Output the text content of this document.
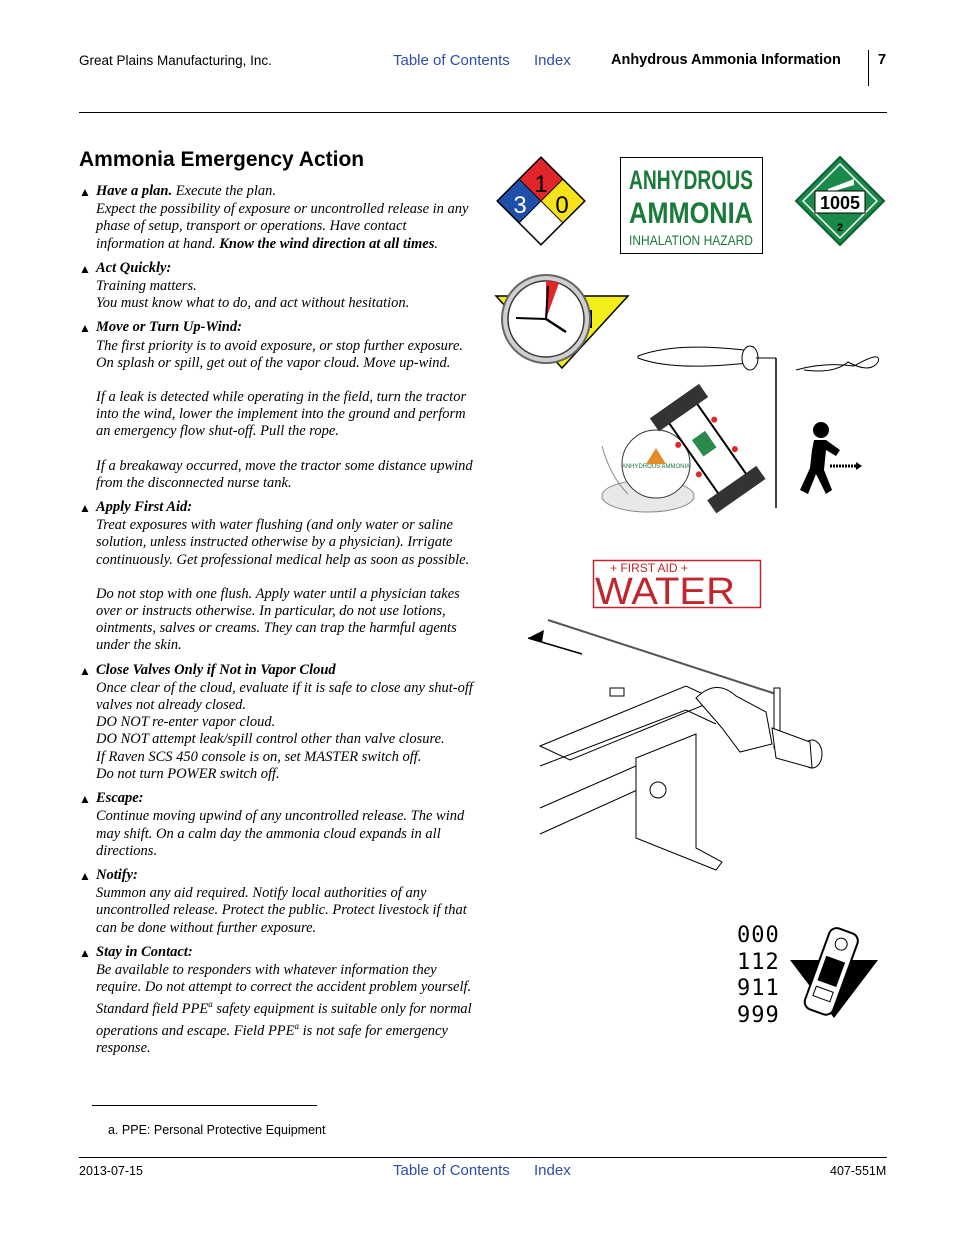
Great Plains Manufacturing, Inc.	Table of Contents Index	Anhydrous Ammonia Information	7
Ammonia Emergency Action
▲ Have a plan. Execute the plan.
Expect the possibility of exposure or uncontrolled release in any phase of setup, transport or operations. Have contact information at hand. Know the wind direction at all times.
▲ Act Quickly:
Training matters.
You must know what to do, and act without hesitation.
▲ Move or Turn Up-Wind:
The first priority is to avoid exposure, or stop further exposure. On splash or spill, get out of the vapor cloud. Move up-wind.
If a leak is detected while operating in the field, turn the tractor into the wind, lower the implement into the ground and perform an emergency flow shut-off. Pull the rope.
If a breakaway occurred, move the tractor some distance upwind from the disconnected nurse tank.
▲ Apply First Aid:
Treat exposures with water flushing (and only water or saline solution, unless instructed otherwise by a physician). Irrigate continuously. Get professional medical help as soon as possible.
Do not stop with one flush. Apply water until a physician takes over or instructs otherwise. In particular, do not use lotions, ointments, salves or creams. They can trap the harmful agents under the skin.
▲ Close Valves Only if Not in Vapor Cloud
Once clear of the cloud, evaluate if it is safe to close any shut-off valves not already closed.
DO NOT re-enter vapor cloud.
DO NOT attempt leak/spill control other than valve closure.
If Raven SCS 450 console is on, set MASTER switch off.
Do not turn POWER switch off.
▲ Escape:
Continue moving upwind of any uncontrolled release. The wind may shift. On a calm day the ammonia cloud expands in all directions.
▲ Notify:
Summon any aid required. Notify local authorities of any uncontrolled release. Protect the public. Protect livestock if that can be done without further exposure.
▲ Stay in Contact:
Be available to responders with whatever information they require. Do not attempt to correct the accident problem yourself. Standard field PPE$^a$ safety equipment is suitable only for normal operations and escape. Field PPE$^a$ is not safe for emergency response.
1
3 0
ANHYDROUS
AMMONIA
INHALATION HAZARD
1005
2
ANHYDROUS AMMONIA
+ FIRST AID +
WATER
000
112
911
999
a. PPE: Personal Protective Equipment
2013-07-15	Table of Contents Index	407-551M
